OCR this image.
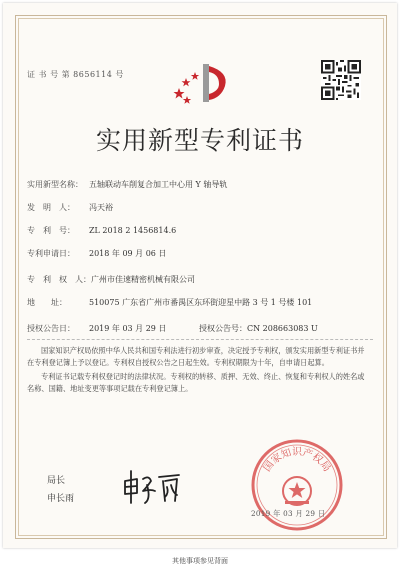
证 书 号 第 8656114 号
实用新型专利证书
实用新型名称： 五轴联动车削复合加工中心用 Y 轴导轨
发　明　人： 冯天裕
专　利　号： ZL 2018 2 1456814.6
专利申请日： 2018 年 09 月 06 日
专　利　权　人：广州市佳速精密机械有限公司
地　　址：	510075 广东省广州市番禺区东环街迎星中路 3 号 1 号楼 101
授权公告日： 2019 年 03 月 29 日	授权公告号：CN 208663083 U

国家知识产权局依照中华人民共和国专利法进行初步审查，决定授予专利权，颁发实用新型专利证书并在专利登记簿上予以登记。专利权自授权公告之日起生效。专利权期限为十年，自申请日起算。

专利证书记载专利权登记时的法律状况。专利权的转移、质押、无效、终止、恢复和专利权人的姓名或名称、国籍、地址变更等事项记载在专利登记簿上。

局长
申长雨
国家知识产权局
2019 年 03 月 29 日
其他事项参见背面
